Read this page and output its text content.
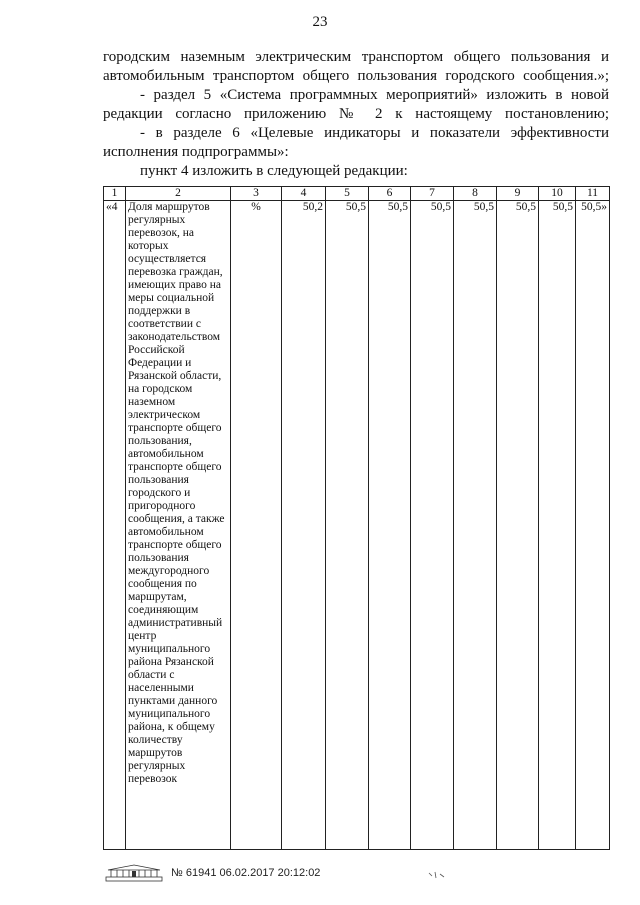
23

городским наземным электрическим транспортом общего пользования и автомобильным транспортом общего пользования городского сообщения.»;

- раздел 5 «Система программных мероприятий» изложить в новой редакции согласно приложению № 2 к настоящему постановлению;

- в разделе 6 «Целевые индикаторы и показатели эффективности исполнения подпрограммы»:

пункт 4 изложить в следующей редакции:

1	2	3	4	5	6	7	8	9	10	11
«4	Доля маршрутов регулярных перевозок, на которых осуществляется перевозка граждан, имеющих право на меры социальной поддержки в соответствии с законодательством Российской Федерации и Рязанской области, на городском наземном электрическом транспорте общего пользования, автомобильном транспорте общего пользования городского и пригородного сообщения, а также автомобильном транспорте общего пользования междугородного сообщения по маршрутам, соединяющим административный центр муниципального района Рязанской области с населенными пунктами данного муниципального района, к общему количеству маршрутов регулярных перевозок	%	50,2	50,5	50,5	50,5	50,5	50,5	50,5	50,5»
№ 61941 06.02.2017 20:12:02
